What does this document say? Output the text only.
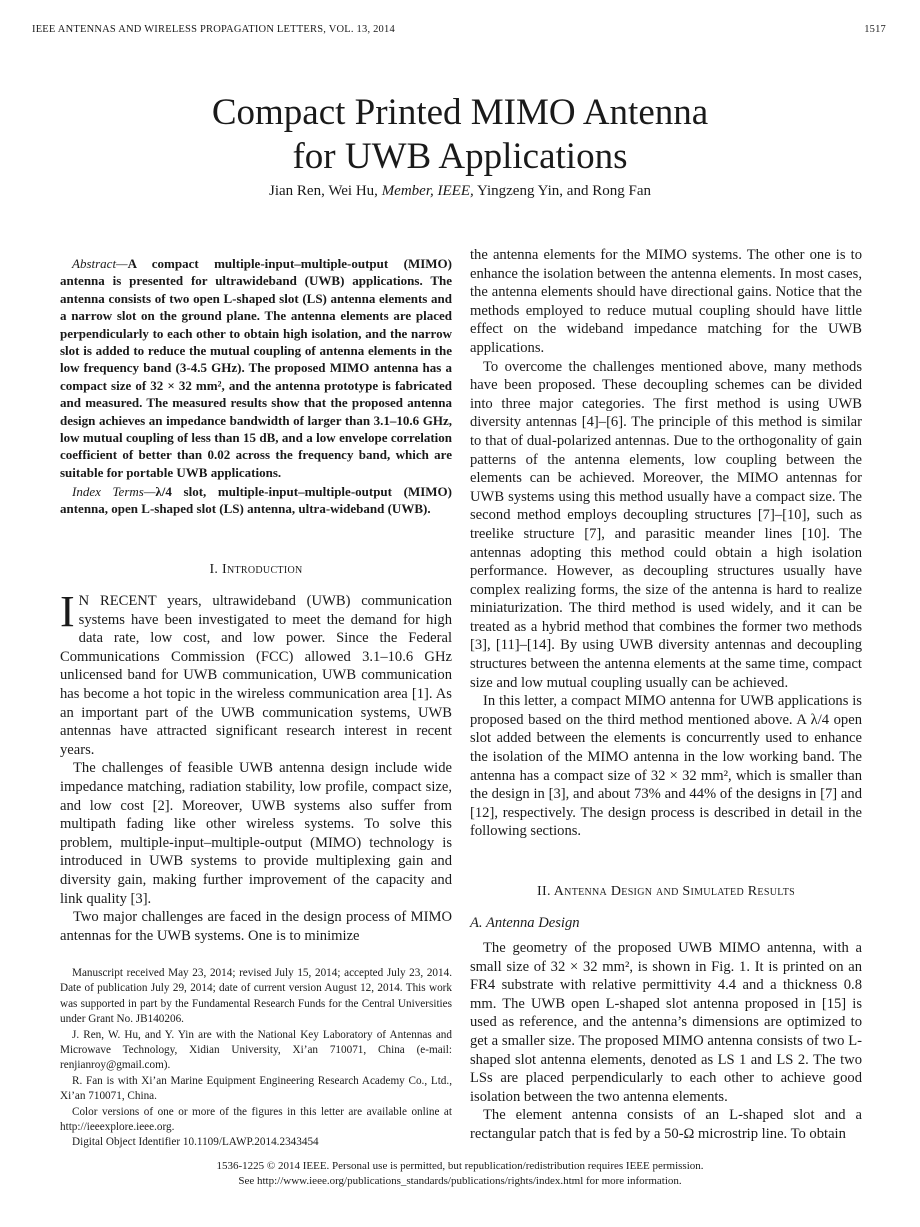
IEEE ANTENNAS AND WIRELESS PROPAGATION LETTERS, VOL. 13, 2014	1517
Compact Printed MIMO Antenna
for UWB Applications
Jian Ren, Wei Hu, Member, IEEE, Yingzeng Yin, and Rong Fan
Abstract—A compact multiple-input–multiple-output (MIMO) antenna is presented for ultrawideband (UWB) applications. The antenna consists of two open L-shaped slot (LS) antenna elements and a narrow slot on the ground plane. The antenna elements are placed perpendicularly to each other to obtain high isolation, and the narrow slot is added to reduce the mutual coupling of antenna elements in the low frequency band (3-4.5 GHz). The proposed MIMO antenna has a compact size of 32 × 32 mm², and the antenna prototype is fabricated and measured. The measured results show that the proposed antenna design achieves an impedance bandwidth of larger than 3.1–10.6 GHz, low mutual coupling of less than 15 dB, and a low envelope correlation coefficient of better than 0.02 across the frequency band, which are suitable for portable UWB applications.
Index Terms—λ/4 slot, multiple-input–multiple-output (MIMO) antenna, open L-shaped slot (LS) antenna, ultra-wideband (UWB).
I. Introduction
I N RECENT years, ultrawideband (UWB) communication systems have been investigated to meet the demand for high data rate, low cost, and low power. Since the Federal Communications Commission (FCC) allowed 3.1–10.6 GHz unlicensed band for UWB communication, UWB communication has become a hot topic in the wireless communication area [1]. As an important part of the UWB communication systems, UWB antennas have attracted significant research interest in recent years.
The challenges of feasible UWB antenna design include wide impedance matching, radiation stability, low profile, compact size, and low cost [2]. Moreover, UWB systems also suffer from multipath fading like other wireless systems. To solve this problem, multiple-input–multiple-output (MIMO) technology is introduced in UWB systems to provide multiplexing gain and diversity gain, making further improvement of the capacity and link quality [3].
Two major challenges are faced in the design process of MIMO antennas for the UWB systems. One is to minimize

Manuscript received May 23, 2014; revised July 15, 2014; accepted July 23, 2014. Date of publication July 29, 2014; date of current version August 12, 2014. This work was supported in part by the Fundamental Research Funds for the Central Universities under Grant No. JB140206.

J. Ren, W. Hu, and Y. Yin are with the National Key Laboratory of Antennas and Microwave Technology, Xidian University, Xi’an 710071, China (e-mail: renjianroy@gmail.com).

R. Fan is with Xi’an Marine Equipment Engineering Research Academy Co., Ltd., Xi’an 710071, China.

Color versions of one or more of the figures in this letter are available online at http://ieeexplore.ieee.org.

Digital Object Identifier 10.1109/LAWP.2014.2343454

the antenna elements for the MIMO systems. The other one is to enhance the isolation between the antenna elements. In most cases, the antenna elements should have directional gains. Notice that the methods employed to reduce mutual coupling should have little effect on the wideband impedance matching for the UWB applications.
To overcome the challenges mentioned above, many methods have been proposed. These decoupling schemes can be divided into three major categories. The first method is using UWB diversity antennas [4]–[6]. The principle of this method is similar to that of dual-polarized antennas. Due to the orthogonality of gain patterns of the antenna elements, low coupling between the elements can be achieved. Moreover, the MIMO antennas for UWB systems using this method usually have a compact size. The second method employs decoupling structures [7]–[10], such as treelike structure [7], and parasitic meander lines [10]. The antennas adopting this method could obtain a high isolation performance. However, as decoupling structures usually have complex realizing forms, the size of the antenna is hard to realize miniaturization. The third method is used widely, and it can be treated as a hybrid method that combines the former two methods [3], [11]–[14]. By using UWB diversity antennas and decoupling structures between the antenna elements at the same time, compact size and low mutual coupling usually can be achieved.
In this letter, a compact MIMO antenna for UWB applications is proposed based on the third method mentioned above. A λ/4 open slot added between the elements is concurrently used to enhance the isolation of the MIMO antenna in the low working band. The antenna has a compact size of 32 × 32 mm², which is smaller than the design in [3], and about 73% and 44% of the designs in [7] and [12], respectively. The design process is described in detail in the following sections.
II. Antenna Design and Simulated Results
A. Antenna Design
The geometry of the proposed UWB MIMO antenna, with a small size of 32 × 32 mm², is shown in Fig. 1. It is printed on an FR4 substrate with relative permittivity 4.4 and a thickness 0.8 mm. The UWB open L-shaped slot antenna proposed in [15] is used as reference, and the antenna’s dimensions are optimized to get a smaller size. The proposed MIMO antenna consists of two L-shaped slot antenna elements, denoted as LS 1 and LS 2. The two LSs are placed perpendicularly to each other to achieve good isolation between the two antenna elements.
The element antenna consists of an L-shaped slot and a rectangular patch that is fed by a 50-Ω microstrip line. To obtain
1536-1225 © 2014 IEEE. Personal use is permitted, but republication/redistribution requires IEEE permission.
See http://www.ieee.org/publications_standards/publications/rights/index.html for more information.
